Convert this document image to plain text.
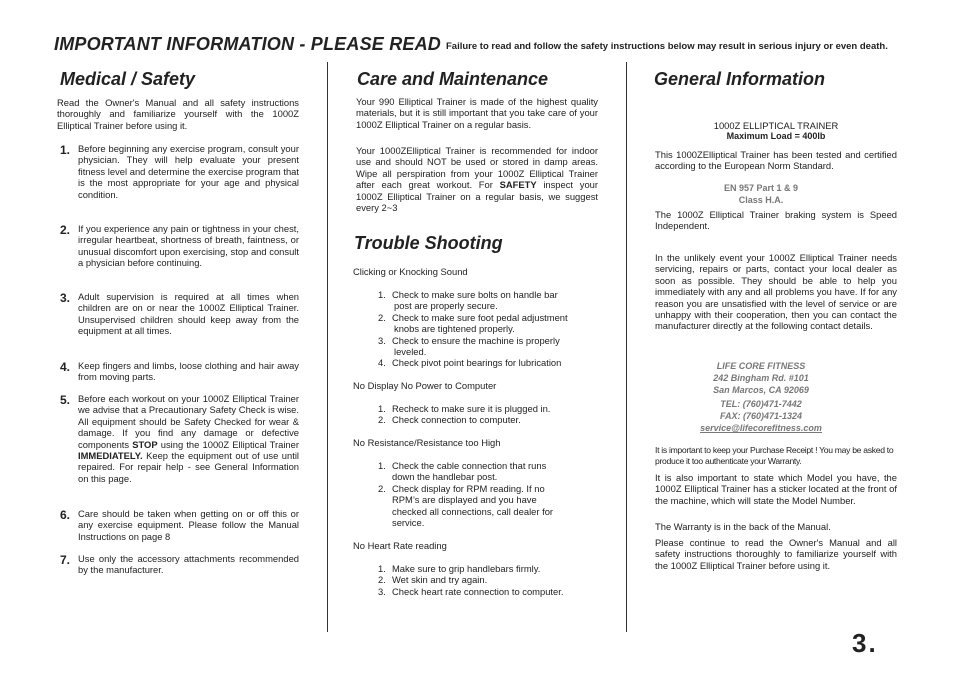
IMPORTANT INFORMATION - PLEASE READ Failure to read and follow the safety instructions below may result in serious injury or even death.
Medical / Safety
Read the Owner's Manual and all safety instructions thoroughly and familiarize yourself with the 1000Z Elliptical Trainer before using it.
1. Before beginning any exercise program, consult your physician. They will help evaluate your present fitness level and determine the exercise program that is the most appropriate for your age and physical condition.
2. If you experience any pain or tightness in your chest, irregular heartbeat, shortness of breath, faintness, or unusual discomfort upon exercising, stop and consult a physician before continuing.
3. Adult supervision is required at all times when children are on or near the 1000Z Elliptical Trainer. Unsupervised children should keep away from the equipment at all times.
4. Keep fingers and limbs, loose clothing and hair away from moving parts.
5. Before each workout on your 1000Z Elliptical Trainer we advise that a Precautionary Safety Check is wise. All equipment should be Safety Checked for wear & damage. If you find any damage or defective components STOP using the 1000Z Elliptical Trainer IMMEDIATELY. Keep the equipment out of use until repaired. For repair help - see General Information on this page.
6. Care should be taken when getting on or off this or any exercise equipment. Please follow the Manual Instructions on page 8
7. Use only the accessory attachments recommended by the manufacturer.
Care and Maintenance
Your 990 Elliptical Trainer is made of the highest quality materials, but it is still important that you take care of your 1000Z Elliptical Trainer on a regular basis.
Your 1000ZElliptical Trainer is recommended for indoor use and should NOT be used or stored in damp areas. Wipe all perspiration from your 1000Z Elliptical Trainer after each great workout. For SAFETY inspect your 1000Z Elliptical Trainer on a regular basis, we suggest every 2~3
Trouble Shooting
Clicking or Knocking Sound
1. Check to make sure bolts on handle bar
post are properly secure.
2. Check to make sure foot pedal adjustment
knobs are tightened properly.
3. Check to ensure the machine is properly
leveled.
4. Check pivot point bearings for lubrication
No Display No Power to Computer
1. Recheck to make sure it is plugged in.
2. Check connection to computer.
No Resistance/Resistance too High
1. Check the cable connection that runs
down the handlebar post.
2. Check display for RPM reading. If no
RPM’s are displayed and you have
checked all connections, call dealer for
service.
No Heart Rate reading
1. Make sure to grip handlebars firmly.
2. Wet skin and try again.
3. Check heart rate connection to computer.
General Information
1000Z ELLIPTICAL TRAINER
Maximum Load = 400lb
This 1000ZElliptical Trainer has been tested and certified according to the European Norm Standard.
EN 957 Part 1 & 9
Class H.A.
The 1000Z Elliptical Trainer braking system is Speed Independent.
In the unlikely event your 1000Z Elliptical Trainer needs servicing, repairs or parts, contact your local dealer as soon as possible. They should be able to help you immediately with any and all problems you have. If for any reason you are unsatisfied with the level of service or are unhappy with their cooperation, then you can contact the manufacturer directly at the following contact details.
LIFE CORE FITNESS
242 Bingham Rd. #101
San Marcos, CA 92069
TEL: (760)471-7442
FAX: (760)471-1324
service@lifecorefitness.com
It is important to keep your Purchase Receipt ! You may be asked to produce it too authenticate your Warranty.
It is also important to state which Model you have, the 1000Z Elliptical Trainer has a sticker located at the front of the machine, which will state the Model Number.
The Warranty is in the back of the Manual.
Please continue to read the Owner's Manual and all safety instructions thoroughly to familiarize yourself with the 1000Z Elliptical Trainer before using it.
3.
